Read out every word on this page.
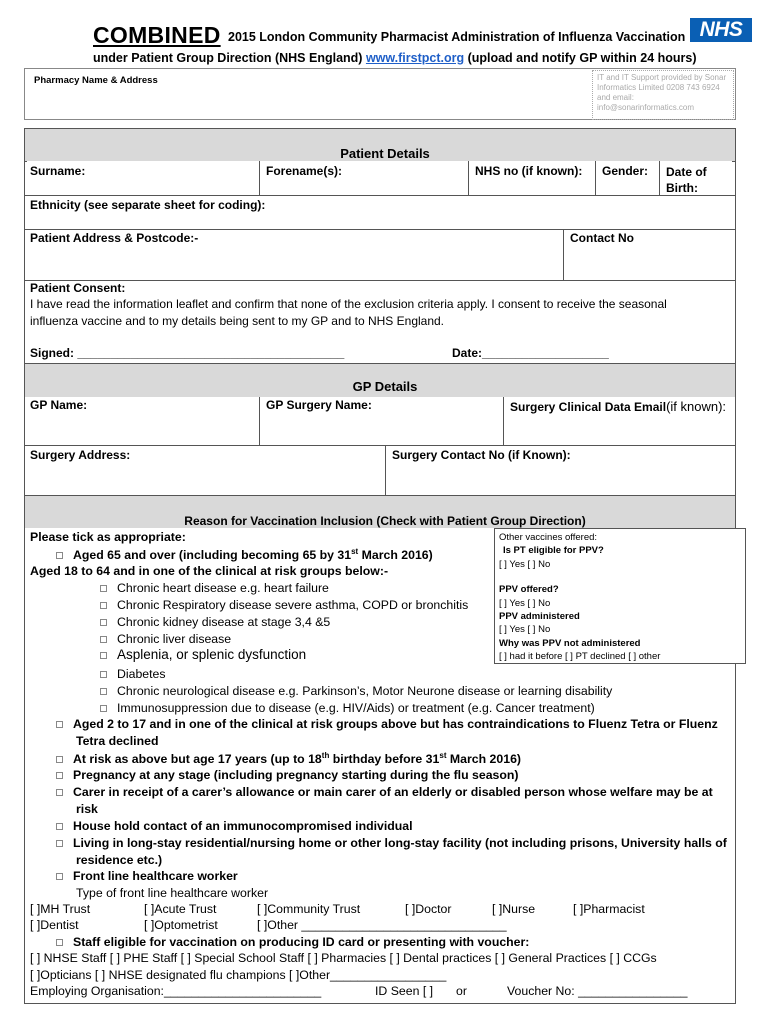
COMBINED 2015 London Community Pharmacist Administration of Influenza Vaccination
under Patient Group Direction (NHS England) www.firstpct.org (upload and notify GP within 24 hours)
NHS
Pharmacy Name & Address	IT and IT Support provided by Sonar Informatics Limited 0208 743 6924 and email: info@sonarinformatics.com
Patient Details
Surname:	Forename(s):	NHS no (if known): Gender: Date of Birth:
Ethnicity (see separate sheet for coding):
Patient Address & Postcode:-	Contact No
Patient Consent:
I have read the information leaflet and confirm that none of the exclusion criteria apply. I consent to receive the seasonal
influenza vaccine and to my details being sent to my GP and to NHS England.
Signed: ________________________________________	Date:___________________
GP Details
GP Name:	GP Surgery Name:	Surgery Clinical Data Email(if known):
Surgery Address:	Surgery Contact No (if Known):
Reason for Vaccination Inclusion (Check with Patient Group Direction)
Other vaccines offered:
Is PT eligible for PPV?
[ ] Yes [ ] No
PPV offered?
[ ] Yes [ ] No
PPV administered
[ ] Yes [ ] No
Why was PPV not administered
[ ] had it before [ ] PT declined [ ] other
Please tick as appropriate:
Aged 65 and over (including becoming 65 by 31st March 2016)
Aged 18 to 64 and in one of the clinical at risk groups below:-
Chronic heart disease e.g. heart failure
Chronic Respiratory disease severe asthma, COPD or bronchitis
Chronic kidney disease at stage 3,4 &5
Chronic liver disease
Asplenia, or splenic dysfunction
Diabetes
Chronic neurological disease e.g. Parkinson’s, Motor Neurone disease or learning disability
Immunosuppression due to disease (e.g. HIV/Aids) or treatment (e.g. Cancer treatment)
Aged 2 to 17 and in one of the clinical at risk groups above but has contraindications to Fluenz Tetra or Fluenz
Tetra declined
At risk as above but age 17 years (up to 18th birthday before 31st March 2016)
Pregnancy at any stage (including pregnancy starting during the flu season)
Carer in receipt of a carer’s allowance or main carer of an elderly or disabled person whose welfare may be at
risk
House hold contact of an immunocompromised individual
Living in long-stay residential/nursing home or other long-stay facility (not including prisons, University halls of
residence etc.)
Front line healthcare worker
Type of front line healthcare worker
[ ]MH Trust	[ ]Acute Trust	[ ]Community Trust	[ ]Doctor	[ ]Nurse	[ ]Pharmacist
[ ]Dentist	[ ]Optometrist	[ ]Other ______________________________
Staff eligible for vaccination on producing ID card or presenting with voucher:
[ ] NHSE Staff [ ] PHE Staff [ ] Special School Staff [ ] Pharmacies [ ] Dental practices [ ] General Practices [ ] CCGs
[ ]Opticians [ ] NHSE designated flu champions [ ]Other_________________
Employing Organisation:_______________________	ID Seen [ ] or	Voucher No: ________________
